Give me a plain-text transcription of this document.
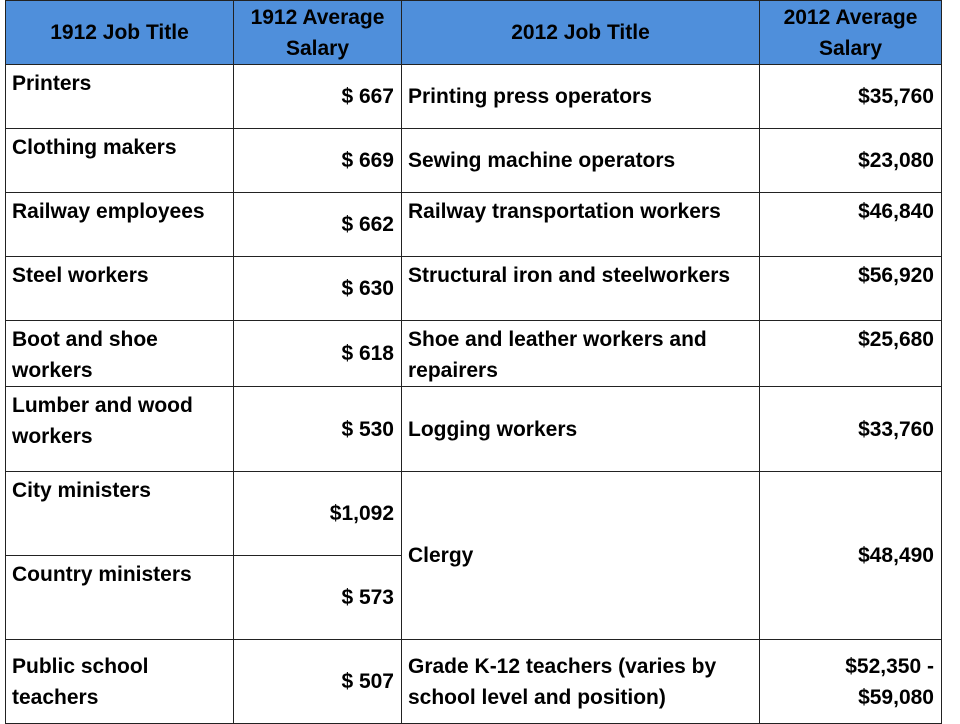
1912 Job Title	1912 Average Salary	2012 Job Title	2012 Average Salary
Printers	$ 667	Printing press operators	$35,760
Clothing makers	$ 669	Sewing machine operators	$23,080
Railway employees	$ 662	Railway transportation workers	$46,840
Steel workers	$ 630	Structural iron and steelworkers	$56,920
Boot and shoe workers	$ 618	Shoe and leather workers and repairers	$25,680
Lumber and wood workers	$ 530	Logging workers	$33,760
City ministers	$1,092	Clergy	$48,490
Country ministers	$ 573		
Public school teachers	$ 507	Grade K-12 teachers (varies by school level and position)	$52,350 - $59,080
